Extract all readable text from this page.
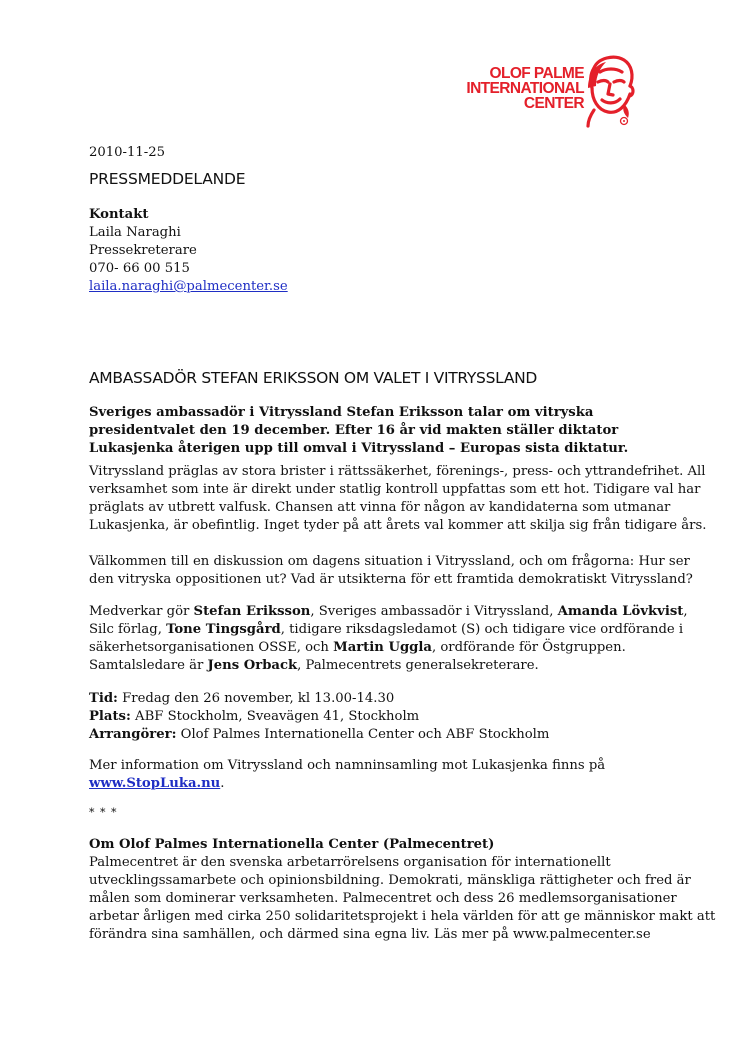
OLOF PALME
INTERNATIONAL
CENTER
2010-11-25
PRESSMEDDELANDE
Kontakt
Laila Naraghi
Pressekreterare
070- 66 00 515
laila.naraghi@palmecenter.se
AMBASSADÖR STEFAN ERIKSSON OM VALET I VITRYSSLAND
Sveriges ambassadör i Vitryssland Stefan Eriksson talar om vitryska
presidentvalet den 19 december. Efter 16 år vid makten ställer diktator
Lukasjenka återigen upp till omval i Vitryssland – Europas sista diktatur.
Vitryssland präglas av stora brister i rättssäkerhet, förenings-, press- och yttrandefrihet. All
verksamhet som inte är direkt under statlig kontroll uppfattas som ett hot. Tidigare val har
präglats av utbrett valfusk. Chansen att vinna för någon av kandidaterna som utmanar
Lukasjenka, är obefintlig. Inget tyder på att årets val kommer att skilja sig från tidigare års.
Välkommen till en diskussion om dagens situation i Vitryssland, och om frågorna: Hur ser
den vitryska oppositionen ut? Vad är utsikterna för ett framtida demokratiskt Vitryssland?
Medverkar gör Stefan Eriksson, Sveriges ambassadör i Vitryssland, Amanda Lövkvist,
Silc förlag, Tone Tingsgård, tidigare riksdagsledamot (S) och tidigare vice ordförande i
säkerhetsorganisationen OSSE, och Martin Uggla, ordförande för Östgruppen.
Samtalsledare är Jens Orback, Palmecentrets generalsekreterare.
Tid: Fredag den 26 november, kl 13.00-14.30
Plats: ABF Stockholm, Sveavägen 41, Stockholm
Arrangörer: Olof Palmes Internationella Center och ABF Stockholm
Mer information om Vitryssland och namninsamling mot Lukasjenka finns på
www.StopLuka.nu.
* * *
Om Olof Palmes Internationella Center (Palmecentret)
Palmecentret är den svenska arbetarrörelsens organisation för internationellt
utvecklingssamarbete och opinionsbildning. Demokrati, mänskliga rättigheter och fred är
målen som dominerar verksamheten. Palmecentret och dess 26 medlemsorganisationer
arbetar årligen med cirka 250 solidaritetsprojekt i hela världen för att ge människor makt att
förändra sina samhällen, och därmed sina egna liv. Läs mer på www.palmecenter.se
